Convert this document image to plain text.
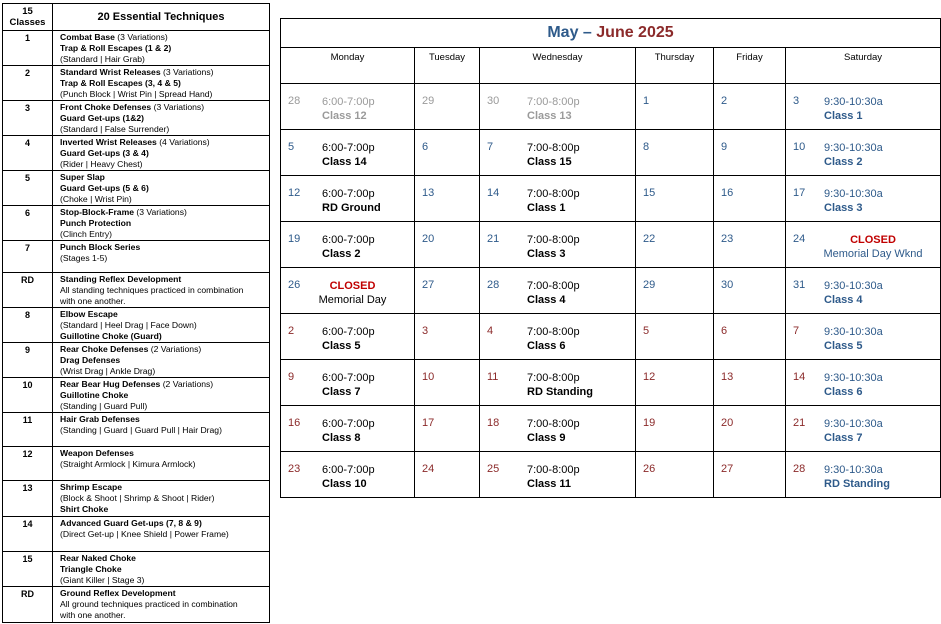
15
Classes	20 Essential Techniques
1	Combat Base (3 Variations)
Trap & Roll Escapes (1 & 2)
(Standard | Hair Grab)

2	Standard Wrist Releases (3 Variations)
Trap & Roll Escapes (3, 4 & 5)
(Punch Block | Wrist Pin | Spread Hand)

3	Front Choke Defenses (3 Variations)
Guard Get-ups (1&2)
(Standard | False Surrender)

4	Inverted Wrist Releases (4 Variations)
Guard Get-ups (3 & 4)
(Rider | Heavy Chest)

5	Super Slap
Guard Get-ups (5 & 6)
(Choke | Wrist Pin)

6	Stop-Block-Frame (3 Variations)
Punch Protection
(Clinch Entry)

7	Punch Block Series
(Stages 1-5)

RD	Standing Reflex Development
All standing techniques practiced in combination
with one another.

8	Elbow Escape
(Standard | Heel Drag | Face Down)
Guillotine Choke (Guard)

9	Rear Choke Defenses (2 Variations)
Drag Defenses
(Wrist Drag | Ankle Drag)

10	Rear Bear Hug Defenses (2 Variations)
Guillotine Choke
(Standing | Guard Pull)

11	Hair Grab Defenses
(Standing | Guard | Guard Pull | Hair Drag)

12	Weapon Defenses
(Straight Armlock | Kimura Armlock)

13	Shrimp Escape
(Block & Shoot | Shrimp & Shoot | Rider)
Shirt Choke

14	Advanced Guard Get-ups (7, 8 & 9)
(Direct Get-up | Knee Shield | Power Frame)

15	Rear Naked Choke
Triangle Choke
(Giant Killer | Stage 3)

RD	Ground Reflex Development
All ground techniques practiced in combination
with one another.
May – June 2025					
Monday	Tuesday	Wednesday	Thursday	Friday	Saturday

28 6:00-7:00p
Class 12	29	30 7:00-8:00p
Class 13	1	2	3 9:30-10:30a
Class 1

5 6:00-7:00p
Class 14	6	7 7:00-8:00p
Class 15	8	9	10 9:30-10:30a
Class 2

12 6:00-7:00p
RD Ground	13	14 7:00-8:00p
Class 1	15	16	17 9:30-10:30a
Class 3

19 6:00-7:00p
Class 2	20	21 7:00-8:00p
Class 3	22	23	24 CLOSED
Memorial Day Wknd

26 CLOSED
Memorial Day	27	28 7:00-8:00p
Class 4	29	30	31 9:30-10:30a
Class 4

2 6:00-7:00p
Class 5	3	4 7:00-8:00p
Class 6	5	6	7 9:30-10:30a
Class 5

9 6:00-7:00p
Class 7	10	11 7:00-8:00p
RD Standing	12	13	14 9:30-10:30a
Class 6

16 6:00-7:00p
Class 8	17	18 7:00-8:00p
Class 9	19	20	21 9:30-10:30a
Class 7

23 6:00-7:00p
Class 10	24	25 7:00-8:00p
Class 11	26	27	28 9:30-10:30a
RD Standing
